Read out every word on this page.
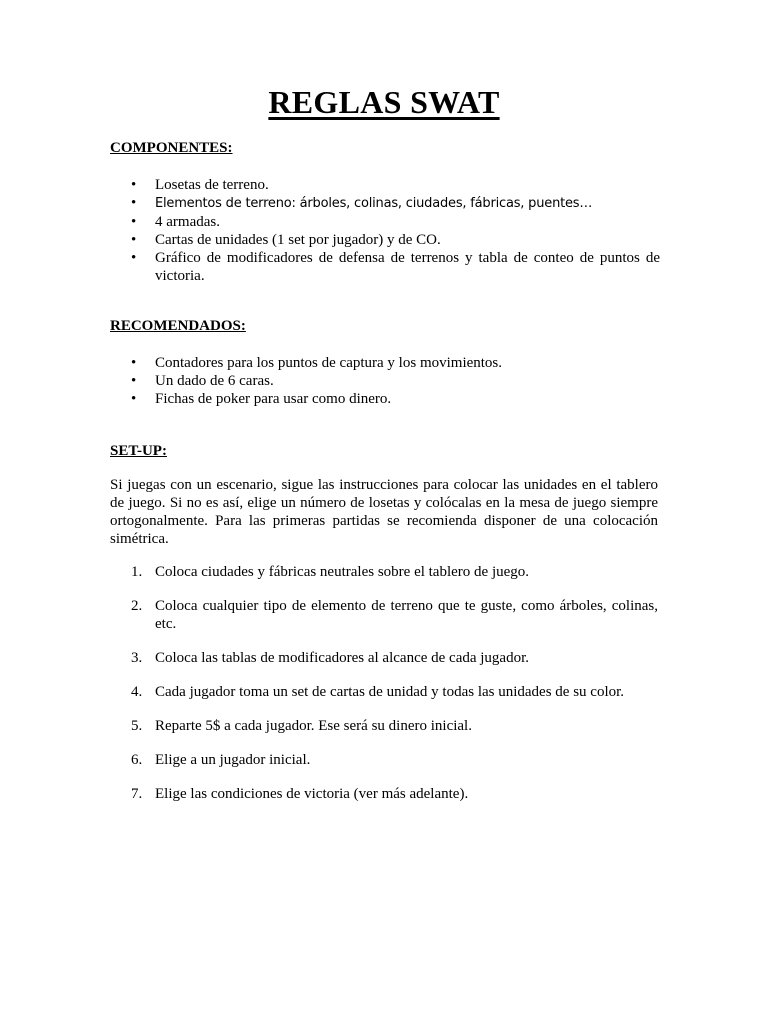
REGLAS SWAT
COMPONENTES:
• Losetas de terreno.
• Elementos de terreno: árboles, colinas, ciudades, fábricas, puentes…
• 4 armadas.
• Cartas de unidades (1 set por jugador) y de CO.
• Gráfico de modificadores de defensa de terrenos y tabla de conteo de puntos de victoria.
RECOMENDADOS:
• Contadores para los puntos de captura y los movimientos.
• Un dado de 6 caras.
• Fichas de poker para usar como dinero.
SET-UP:

Si juegas con un escenario, sigue las instrucciones para colocar las unidades en el tablero de juego. Si no es así, elige un número de losetas y colócalas en la mesa de juego siempre ortogonalmente. Para las primeras partidas se recomienda disponer de una colocación simétrica.

1. Coloca ciudades y fábricas neutrales sobre el tablero de juego.
2. Coloca cualquier tipo de elemento de terreno que te guste, como árboles, colinas, etc.
3. Coloca las tablas de modificadores al alcance de cada jugador.
4. Cada jugador toma un set de cartas de unidad y todas las unidades de su color.
5. Reparte 5$ a cada jugador. Ese será su dinero inicial.
6. Elige a un jugador inicial.
7. Elige las condiciones de victoria (ver más adelante).
